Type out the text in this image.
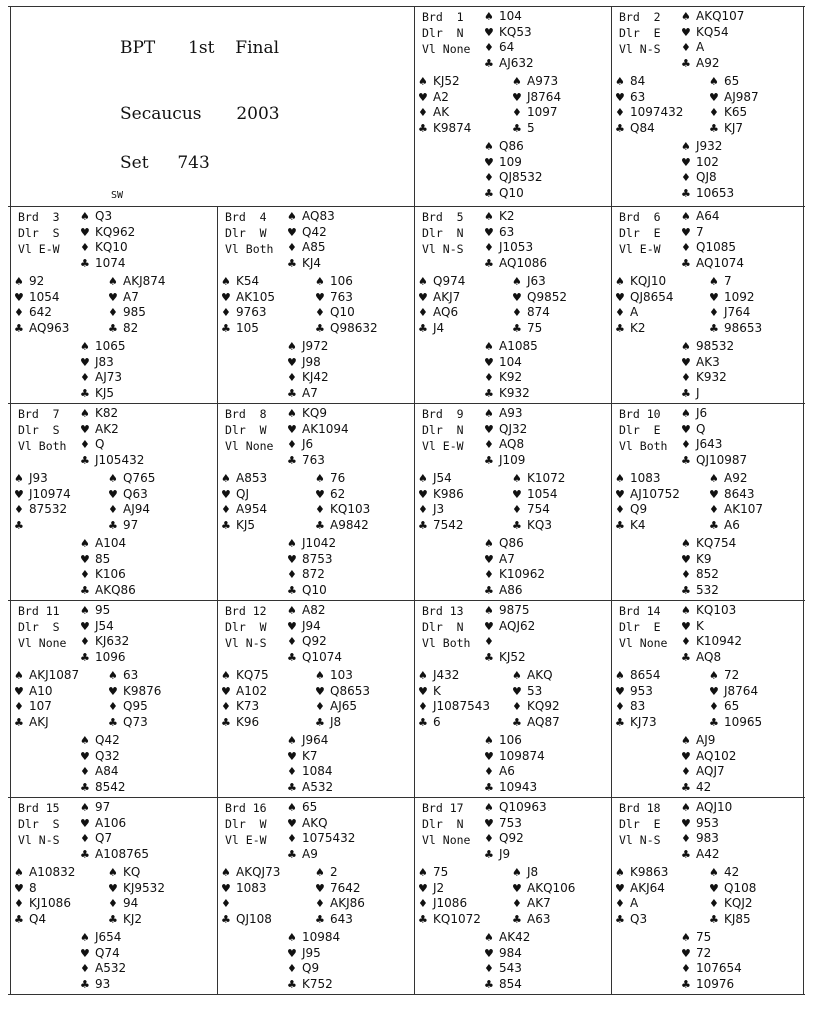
BPT 1st Final
Secaucus 2003
Set 743
SW
Brd  1
Dlr  N
Vl None
♠ 104
♥ KQ53
♦ 64
♣ AJ632
♠ KJ52
♥ A2
♦ AK
♣ K9874
♠ A973
♥ J8764
♦ 1097
♣ 5
♠ Q86
♥ 109
♦ QJ8532
♣ Q10
Brd  2
Dlr  E
Vl N-S
♠ AKQ107
♥ KQ54
♦ A
♣ A92
♠ 84
♥ 63
♦ 1097432
♣ Q84
♠ 65
♥ AJ987
♦ K65
♣ KJ7
♠ J932
♥ 102
♦ QJ8
♣ 10653
Brd  3
Dlr  S
Vl E-W
♠ Q3
♥ KQ962
♦ KQ10
♣ 1074
♠ 92
♥ 1054
♦ 642
♣ AQ963
♠ AKJ874
♥ A7
♦ 985
♣ 82
♠ 1065
♥ J83
♦ AJ73
♣ KJ5
Brd  4
Dlr  W
Vl Both
♠ AQ83
♥ Q42
♦ A85
♣ KJ4
♠ K54
♥ AK105
♦ 9763
♣ 105
♠ 106
♥ 763
♦ Q10
♣ Q98632
♠ J972
♥ J98
♦ KJ42
♣ A7
Brd  5
Dlr  N
Vl N-S
♠ K2
♥ 63
♦ J1053
♣ AQ1086
♠ Q974
♥ AKJ7
♦ AQ6
♣ J4
♠ J63
♥ Q9852
♦ 874
♣ 75
♠ A1085
♥ 104
♦ K92
♣ K932
Brd  6
Dlr  E
Vl E-W
♠ A64
♥ 7
♦ Q1085
♣ AQ1074
♠ KQJ10
♥ QJ8654
♦ A
♣ K2
♠ 7
♥ 1092
♦ J764
♣ 98653
♠ 98532
♥ AK3
♦ K932
♣ J
Brd  7
Dlr  S
Vl Both
♠ K82
♥ AK2
♦ Q
♣ J105432
♠ J93
♥ J10974
♦ 87532
♣
♠ Q765
♥ Q63
♦ AJ94
♣ 97
♠ A104
♥ 85
♦ K106
♣ AKQ86
Brd  8
Dlr  W
Vl None
♠ KQ9
♥ AK1094
♦ J6
♣ 763
♠ A853
♥ QJ
♦ A954
♣ KJ5
♠ 76
♥ 62
♦ KQ103
♣ A9842
♠ J1042
♥ 8753
♦ 872
♣ Q10
Brd  9
Dlr  N
Vl E-W
♠ A93
♥ QJ32
♦ AQ8
♣ J109
♠ J54
♥ K986
♦ J3
♣ 7542
♠ K1072
♥ 1054
♦ 754
♣ KQ3
♠ Q86
♥ A7
♦ K10962
♣ A86
Brd 10
Dlr  E
Vl Both
♠ J6
♥ Q
♦ J643
♣ QJ10987
♠ 1083
♥ AJ10752
♦ Q9
♣ K4
♠ A92
♥ 8643
♦ AK107
♣ A6
♠ KQ754
♥ K9
♦ 852
♣ 532
Brd 11
Dlr  S
Vl None
♠ 95
♥ J54
♦ KJ632
♣ 1096
♠ AKJ1087
♥ A10
♦ 107
♣ AKJ
♠ 63
♥ K9876
♦ Q95
♣ Q73
♠ Q42
♥ Q32
♦ A84
♣ 8542
Brd 12
Dlr  W
Vl N-S
♠ A82
♥ J94
♦ Q92
♣ Q1074
♠ KQ75
♥ A102
♦ K73
♣ K96
♠ 103
♥ Q8653
♦ AJ65
♣ J8
♠ J964
♥ K7
♦ 1084
♣ A532
Brd 13
Dlr  N
Vl Both
♠ 9875
♥ AQJ62
♦
♣ KJ52
♠ J432
♥ K
♦ J1087543
♣ 6
♠ AKQ
♥ 53
♦ KQ92
♣ AQ87
♠ 106
♥ 109874
♦ A6
♣ 10943
Brd 14
Dlr  E
Vl None
♠ KQ103
♥ K
♦ K10942
♣ AQ8
♠ 8654
♥ 953
♦ 83
♣ KJ73
♠ 72
♥ J8764
♦ 65
♣ 10965
♠ AJ9
♥ AQ102
♦ AQJ7
♣ 42
Brd 15
Dlr  S
Vl N-S
♠ 97
♥ A106
♦ Q7
♣ A108765
♠ A10832
♥ 8
♦ KJ1086
♣ Q4
♠ KQ
♥ KJ9532
♦ 94
♣ KJ2
♠ J654
♥ Q74
♦ A532
♣ 93
Brd 16
Dlr  W
Vl E-W
♠ 65
♥ AKQ
♦ 1075432
♣ A9
♠ AKQJ73
♥ 1083
♦
♣ QJ108
♠ 2
♥ 7642
♦ AKJ86
♣ 643
♠ 10984
♥ J95
♦ Q9
♣ K752
Brd 17
Dlr  N
Vl None
♠ Q10963
♥ 753
♦ Q92
♣ J9
♠ 75
♥ J2
♦ J1086
♣ KQ1072
♠ J8
♥ AKQ106
♦ AK7
♣ A63
♠ AK42
♥ 984
♦ 543
♣ 854
Brd 18
Dlr  E
Vl N-S
♠ AQJ10
♥ 953
♦ 983
♣ A42
♠ K9863
♥ AKJ64
♦ A
♣ Q3
♠ 42
♥ Q108
♦ KQJ2
♣ KJ85
♠ 75
♥ 72
♦ 107654
♣ 10976
